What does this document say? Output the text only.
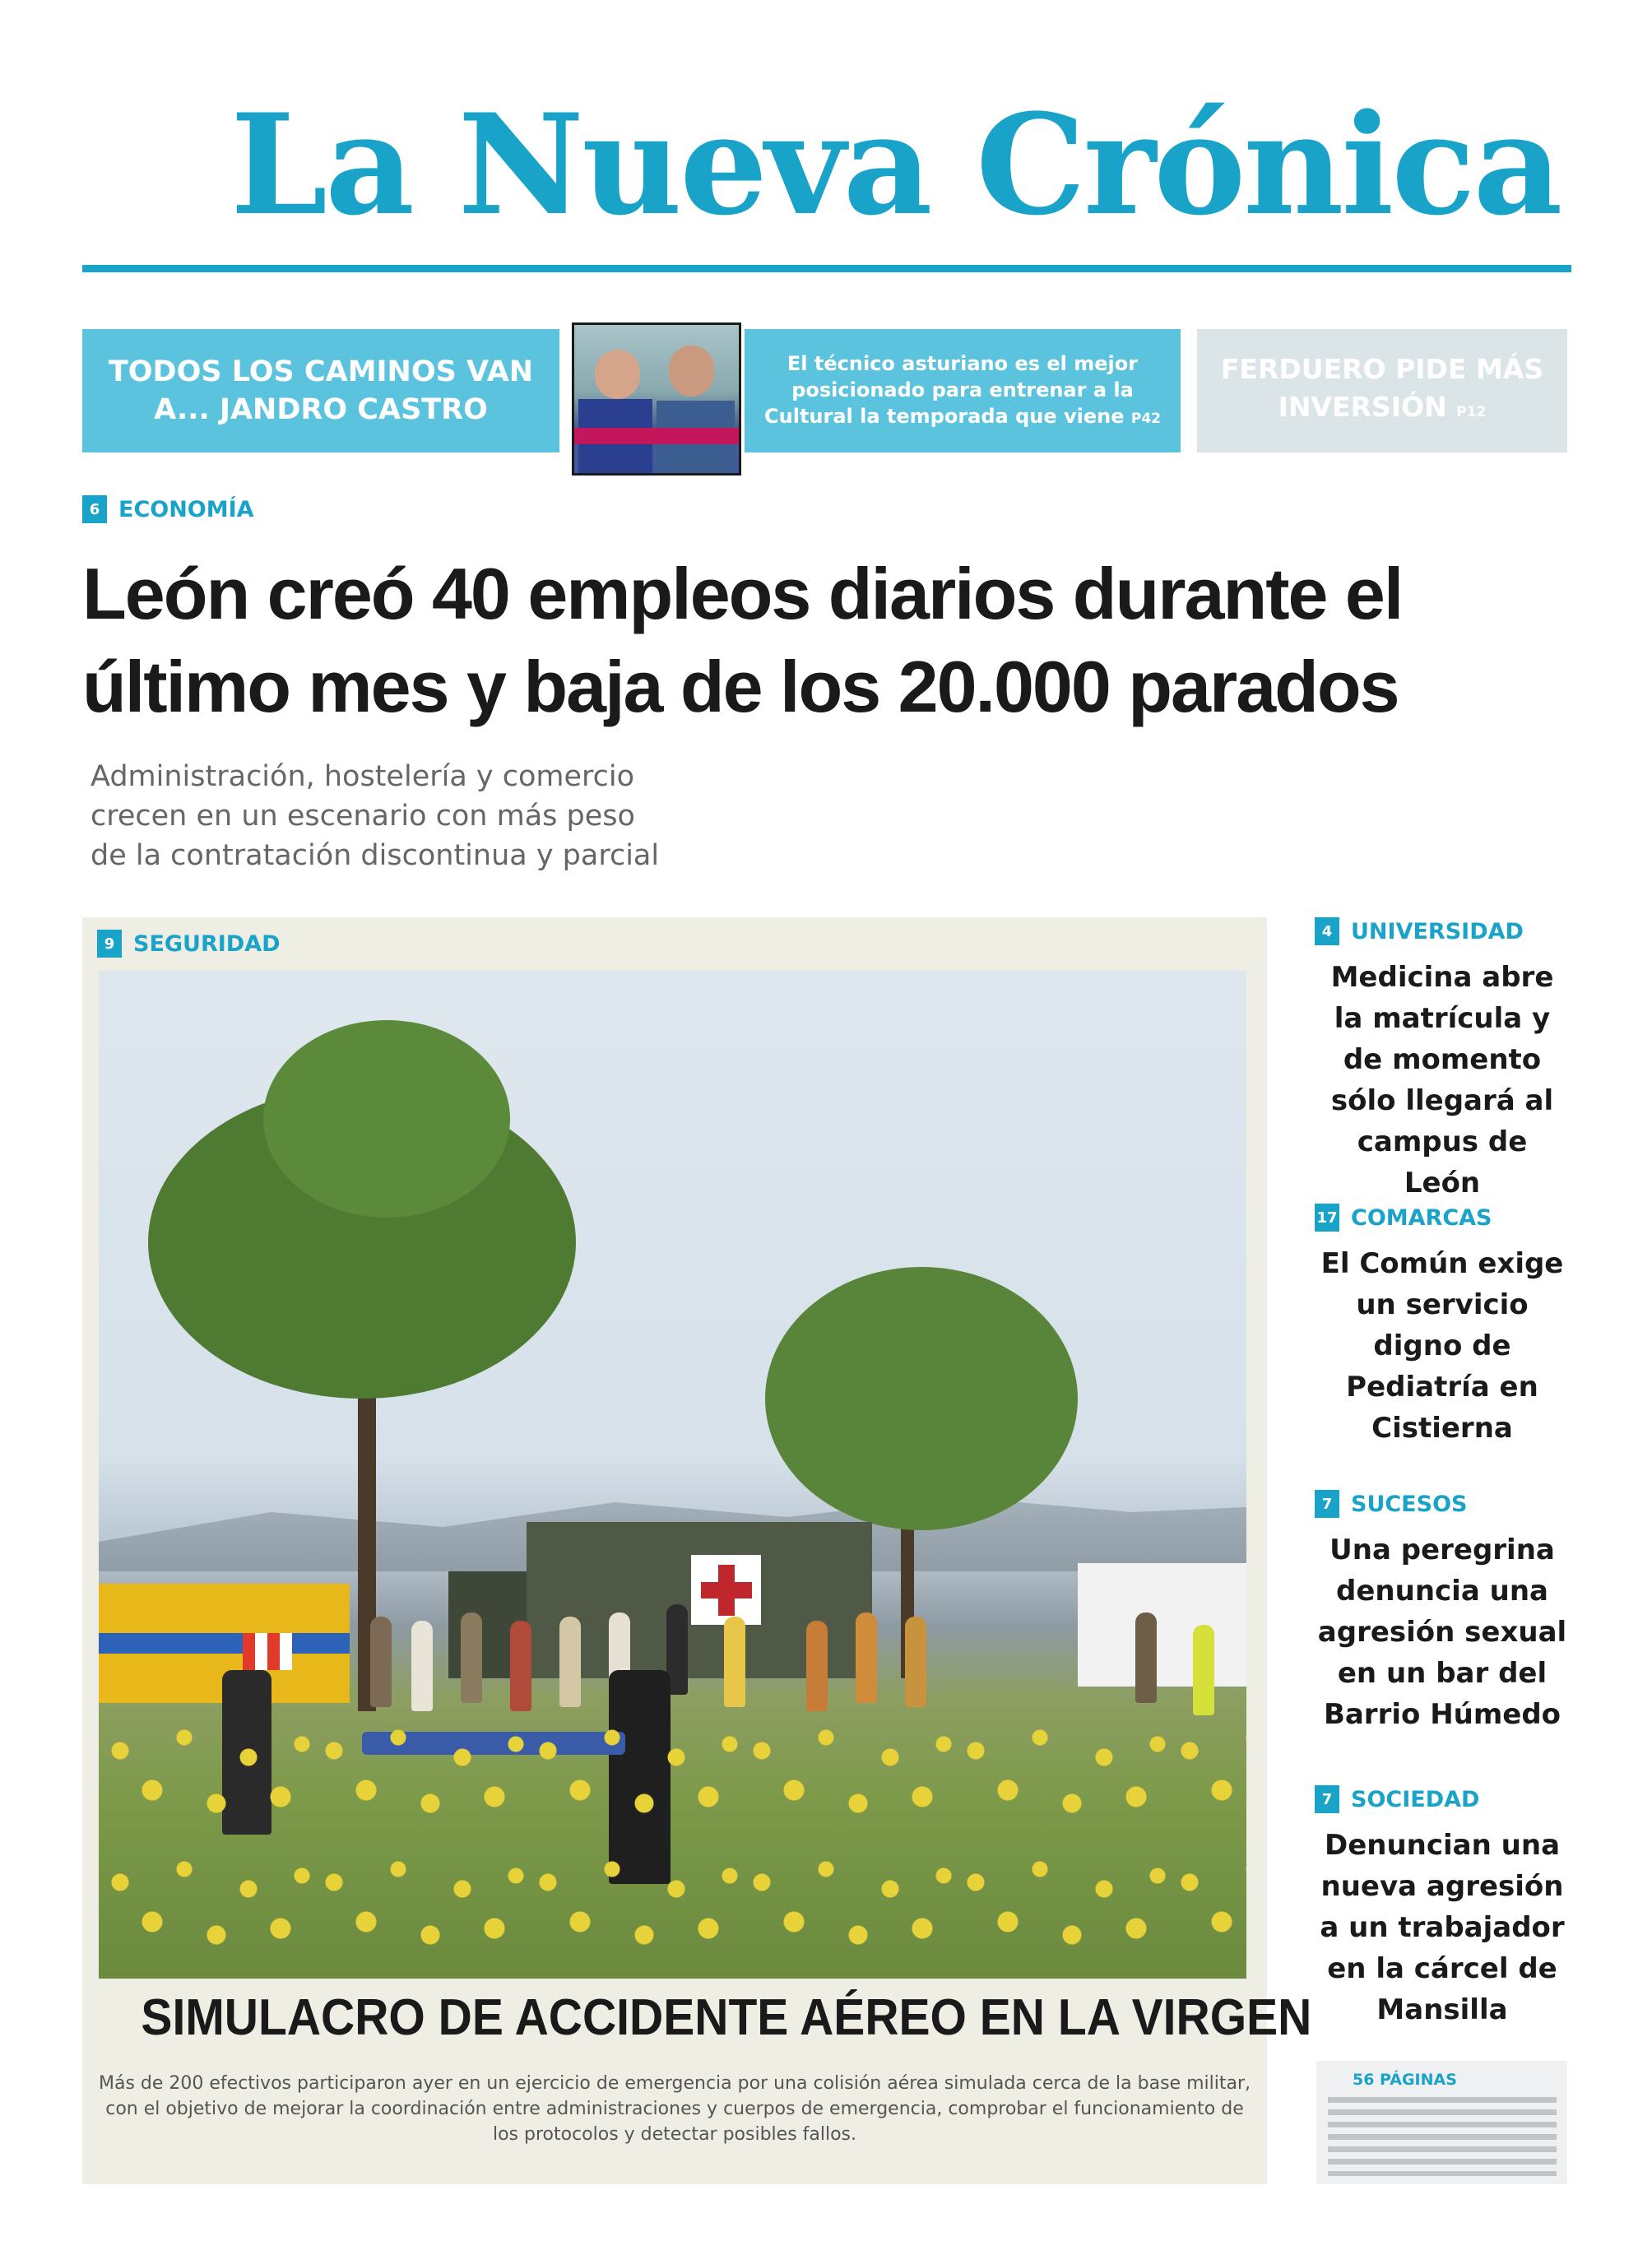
La Nueva Crónica
TODOS LOS CAMINOS VAN A... JANDRO CASTRO
El técnico asturiano es el mejor posicionado para entrenar a la Cultural la temporada que viene P42
FERDUERO PIDE MÁS INVERSIÓN P12
6 ECONOMÍA
León creó 40 empleos diarios durante el
último mes y baja de los 20.000 parados
Administración, hostelería y comercio crecen en un escenario con más peso de la contratación discontinua y parcial
9 SEGURIDAD
SIMULACRO DE ACCIDENTE AÉREO EN LA VIRGEN
Más de 200 efectivos participaron ayer en un ejercicio de emergencia por una colisión aérea simulada cerca de la base militar, con el objetivo de mejorar la coordinación entre administraciones y cuerpos de emergencia, comprobar el funcionamiento de los protocolos y detectar posibles fallos.
4 UNIVERSIDAD
Medicina abre la matrícula y de momento sólo llegará al campus de León
17 COMARCAS
El Común exige un servicio digno de Pediatría en Cistierna
7 SUCESOS
Una peregrina denuncia una agresión sexual en un bar del Barrio Húmedo
7 SOCIEDAD
Denuncian una nueva agresión a un trabajador en la cárcel de Mansilla
56 PÁGINAS
